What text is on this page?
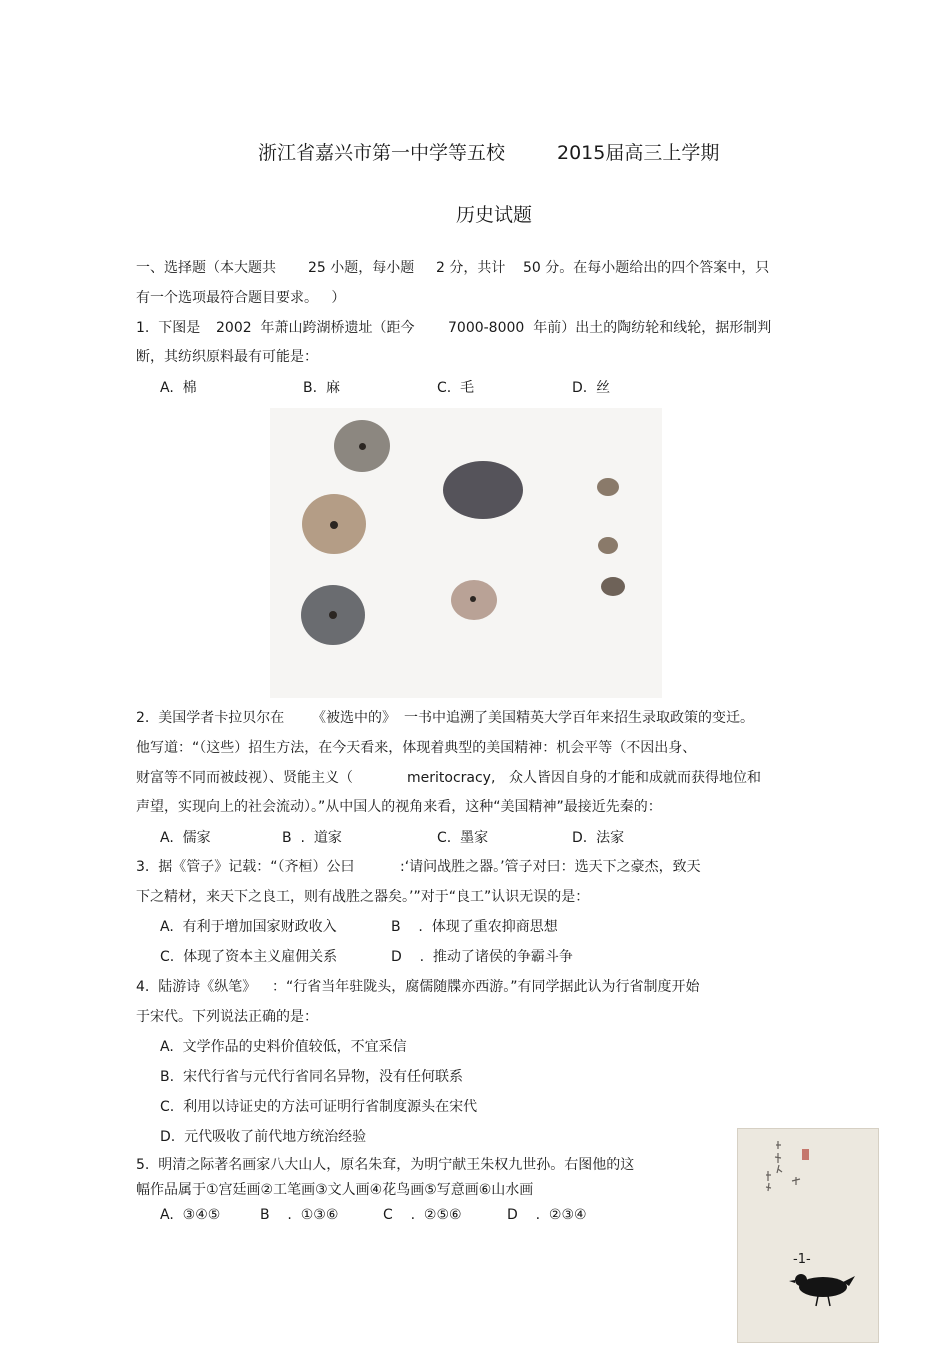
浙江省嘉兴市第一中学等五校	2015届高三上学期
历史试题
一、选择题（本大题共 25 小题，每小题 2 分，共计 50 分。在每小题给出的四个答案中，只
有一个选项最符合题目要求。   ）
1.  下图是 2002  年萧山跨湖桥遗址（距今 7000-8000  年前）出土的陶纺轮和线轮，据形制判
断，其纺织原料最有可能是：
A.  棉	B.  麻	C.  毛	D.  丝
2.  美国学者卡拉贝尔在 《被选中的》 一书中追溯了美国精英大学百年来招生录取政策的变迁。
他写道：“（这些）招生方法，在今天看来，体现着典型的美国精神：机会平等（不因出身、
财富等不同而被歧视）、贤能主义（	meritocracy, 众人皆因自身的才能和成就而获得地位和
声望，实现向上的社会流动）。”从中国人的视角来看，这种“美国精神”最接近先秦的：
A.  儒家	B  .  道家	C.  墨家	D.  法家
3.  据《管子》记载：“（齐桓）公曰	:‘请问战胜之器。’管子对曰：选天下之豪杰，致天
下之精材，来天下之良工，则有战胜之器矣。’”对于“良工”认识无误的是：
A.  有利于增加国家财政收入	B    .  体现了重农抑商思想
C.  体现了资本主义雇佣关系	D    .  推动了诸侯的争霸斗争
4.  陆游诗《纵笔》 ：“行省当年驻陇头，腐儒随牒亦西游。”有同学据此认为行省制度开始
于宋代。下列说法正确的是：
A.  文学作品的史料价值较低，不宜采信
B.  宋代行省与元代行省同名异物，没有任何联系
C.  利用以诗证史的方法可证明行省制度源头在宋代
D.  元代吸收了前代地方统治经验
5.  明清之际著名画家八大山人，原名朱耷，为明宁献王朱权九世孙。右图他的这
幅作品属于①宫廷画②工笔画③文人画④花鸟画⑤写意画⑥山水画
A.  ③④⑤	B    .  ①③⑥	C    .  ②⑤⑥	D    .  ②③④
-1-
